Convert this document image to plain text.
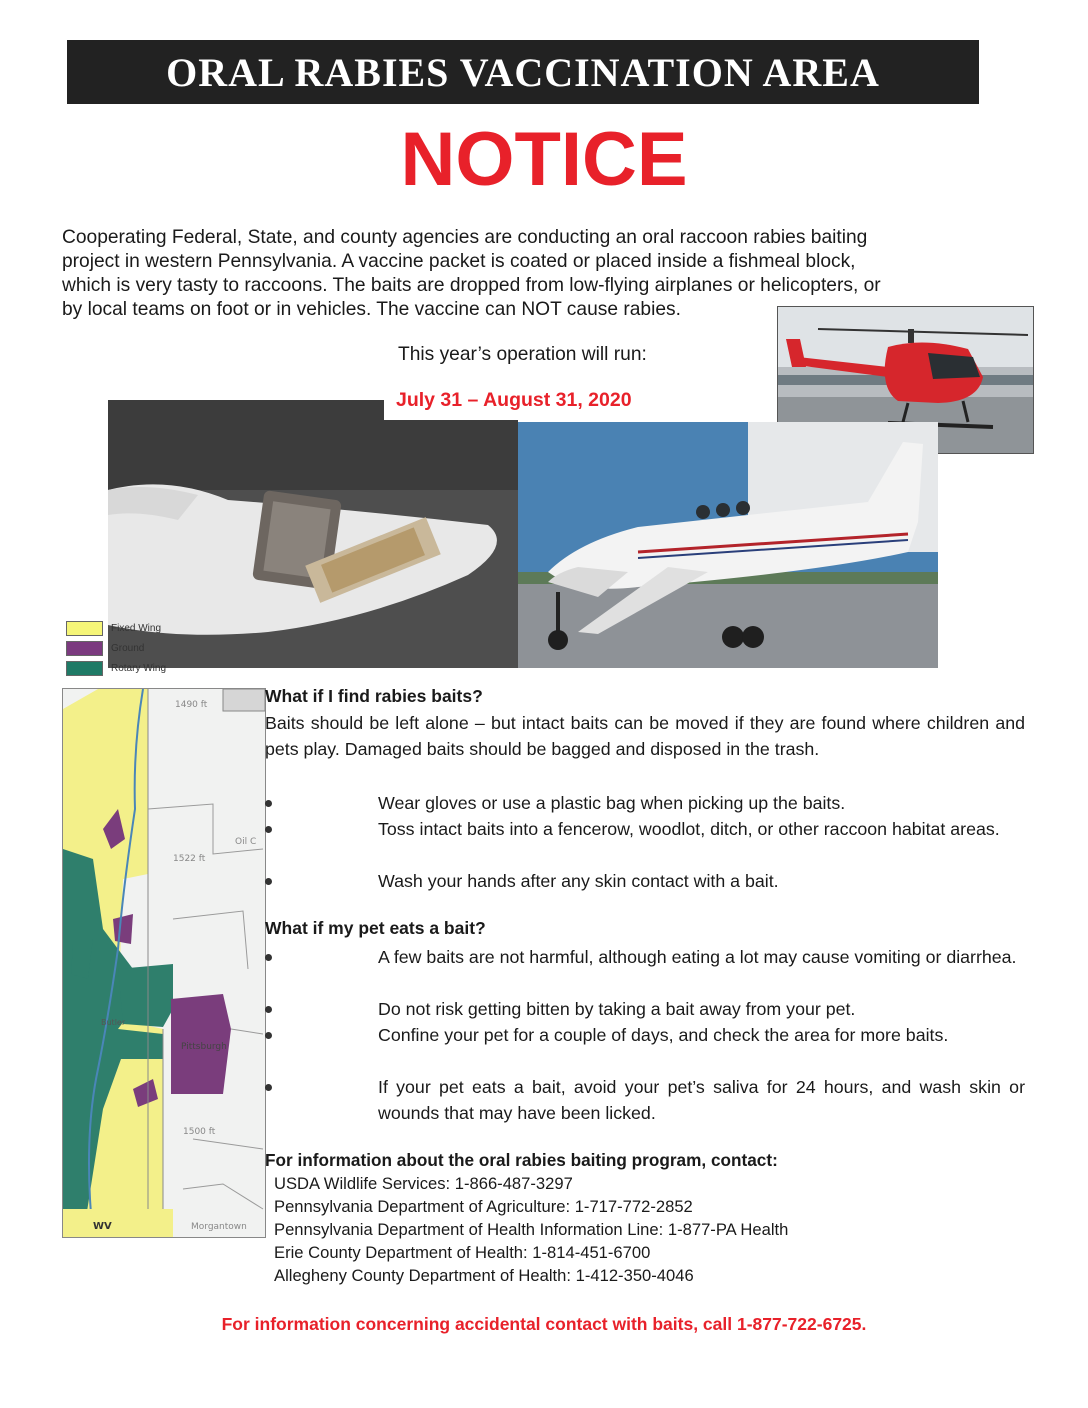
ORAL RABIES VACCINATION AREA
NOTICE

Cooperating Federal, State, and county agencies are conducting an oral raccoon rabies baiting

project in western Pennsylvania. A vaccine packet is coated or placed inside a fishmeal block,

which is very tasty to raccoons. The baits are dropped from low-flying airplanes or helicopters, or

by local teams on foot or in vehicles. The vaccine can NOT cause rabies.

This year’s operation will run:
July 31 – August 31, 2020
Fixed Wing
Ground
Rotary Wing
1490 ft
Oil C
1522 ft
Pittsburgh
Butler
1500 ft
WV	Morgantown
What if I find rabies baits?
Baits should be left alone – but intact baits can be moved if they are found where children and pets play. Damaged baits should be bagged and disposed in the trash.
Wear gloves or use a plastic bag when picking up the baits.
Toss intact baits into a fencerow, woodlot, ditch, or other raccoon habitat areas.
Wash your hands after any skin contact with a bait.
What if my pet eats a bait?
A few baits are not harmful, although eating a lot may cause vomiting or diarrhea.
Do not risk getting bitten by taking a bait away from your pet.
Confine your pet for a couple of days, and check the area for more baits.
If your pet eats a bait, avoid your pet’s saliva for 24 hours, and wash skin or wounds that may have been licked.
For information about the oral rabies baiting program, contact:
USDA Wildlife Services: 1-866-487-3297
Pennsylvania Department of Agriculture: 1-717-772-2852
Pennsylvania Department of Health Information Line: 1-877-PA Health
Erie County Department of Health: 1-814-451-6700
Allegheny County Department of Health: 1-412-350-4046
For information concerning accidental contact with baits, call 1-877-722-6725.
